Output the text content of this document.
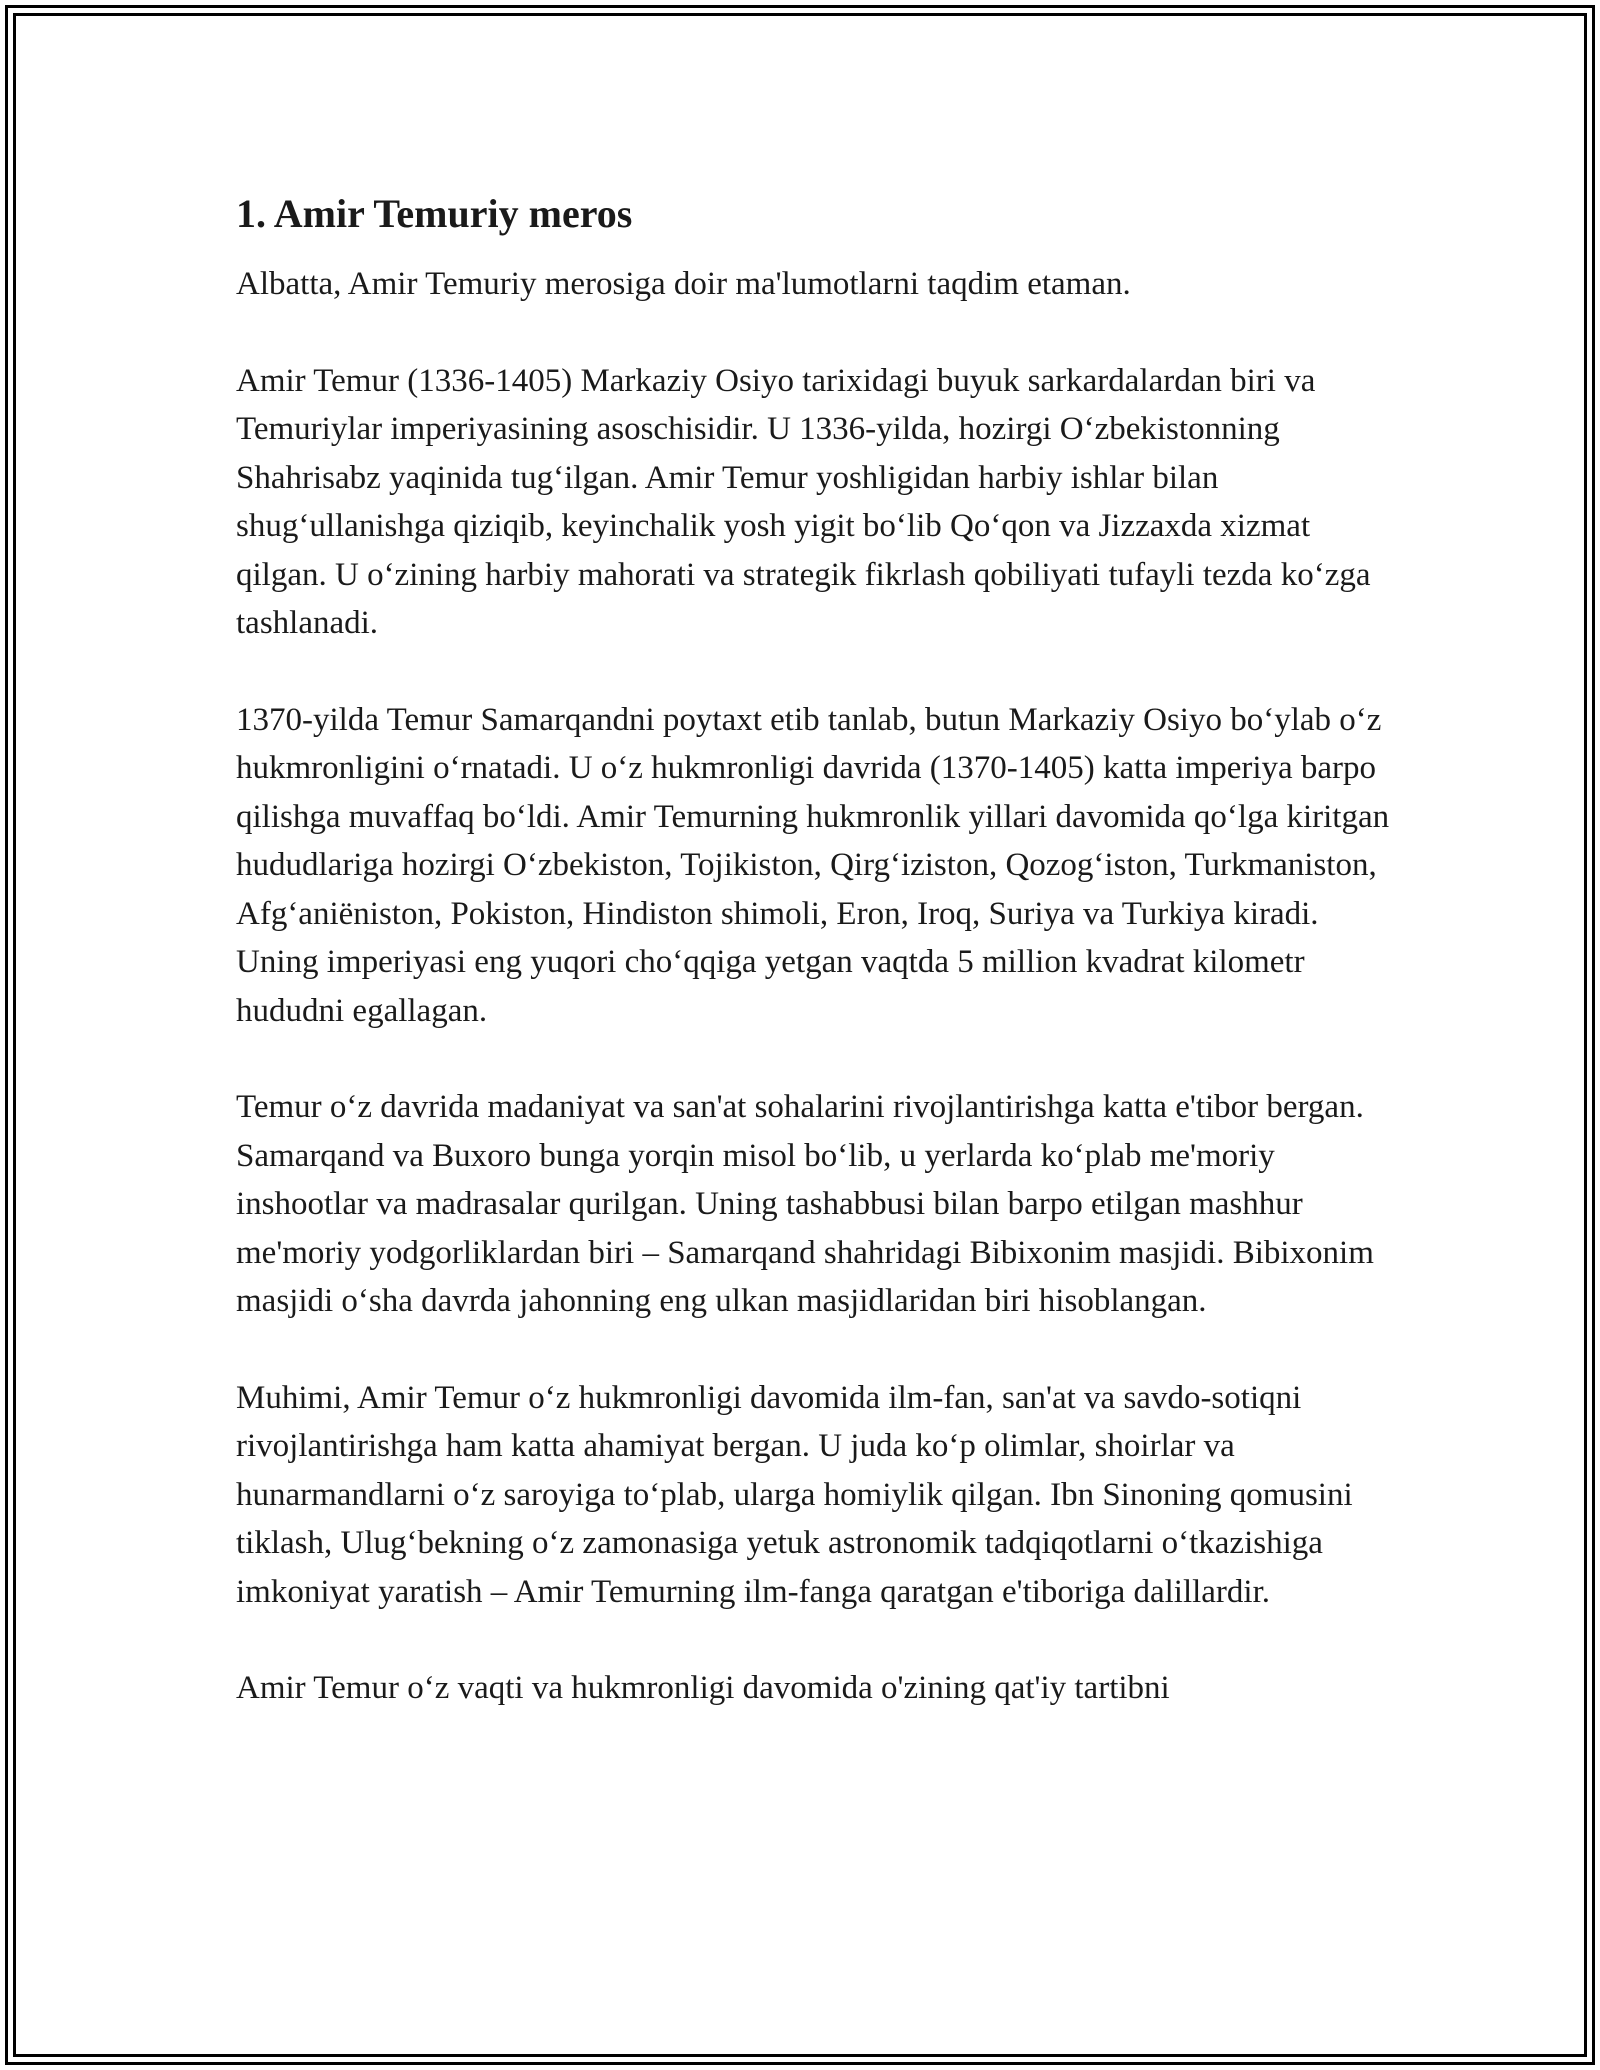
1. Amir Temuriy meros

Albatta, Amir Temuriy merosiga doir ma'lumotlarni taqdim etaman.

Amir Temur (1336-1405) Markaziy Osiyo tarixidagi buyuk sarkardalardan biri va Temuriylar imperiyasining asoschisidir. U 1336-yilda, hozirgi O‘zbekistonning Shahrisabz yaqinida tug‘ilgan. Amir Temur yoshligidan harbiy ishlar bilan shug‘ullanishga qiziqib, keyinchalik yosh yigit bo‘lib Qo‘qon va Jizzaxda xizmat qilgan. U o‘zining harbiy mahorati va strategik fikrlash qobiliyati tufayli tezda ko‘zga tashlanadi.

1370-yilda Temur Samarqandni poytaxt etib tanlab, butun Markaziy Osiyo bo‘ylab o‘z hukmronligini o‘rnatadi. U o‘z hukmronligi davrida (1370-1405) katta imperiya barpo qilishga muvaffaq bo‘ldi. Amir Temurning hukmronlik yillari davomida qo‘lga kiritgan hududlariga hozirgi O‘zbekiston, Tojikiston, Qirg‘iziston, Qozog‘iston, Turkmaniston, Afg‘aniëniston, Pokiston, Hindiston shimoli, Eron, Iroq, Suriya va Turkiya kiradi. Uning imperiyasi eng yuqori cho‘qqiga yetgan vaqtda 5 million kvadrat kilometr hududni egallagan.

Temur o‘z davrida madaniyat va san'at sohalarini rivojlantirishga katta e'tibor bergan. Samarqand va Buxoro bunga yorqin misol bo‘lib, u yerlarda ko‘plab me'moriy inshootlar va madrasalar qurilgan. Uning tashabbusi bilan barpo etilgan mashhur me'moriy yodgorliklardan biri – Samarqand shahridagi Bibixonim masjidi. Bibixonim masjidi o‘sha davrda jahonning eng ulkan masjidlaridan biri hisoblangan.

Muhimi, Amir Temur o‘z hukmronligi davomida ilm-fan, san'at va savdo-sotiqni rivojlantirishga ham katta ahamiyat bergan. U juda ko‘p olimlar, shoirlar va hunarmandlarni o‘z saroyiga to‘plab, ularga homiylik qilgan. Ibn Sinoning qomusini tiklash, Ulug‘bekning o‘z zamonasiga yetuk astronomik tadqiqotlarni o‘tkazishiga imkoniyat yaratish – Amir Temurning ilm-fanga qaratgan e'tiboriga dalillardir.

Amir Temur o‘z vaqti va hukmronligi davomida o'zining qat'iy tartibni
